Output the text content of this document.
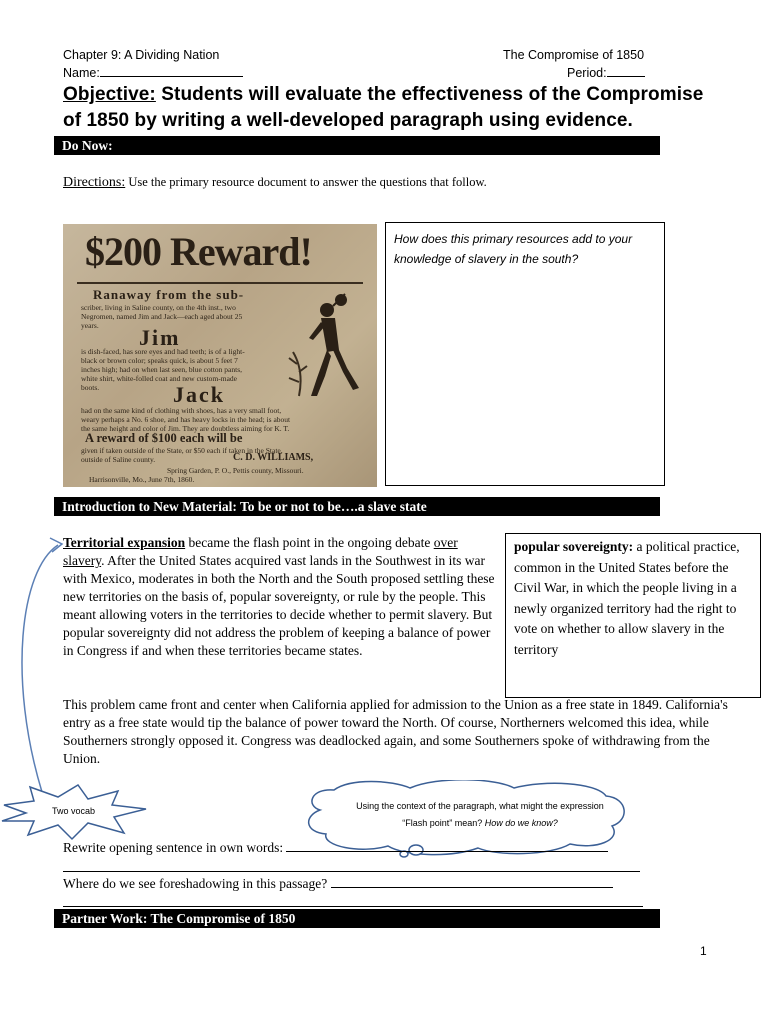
Chapter 9: A Dividing Nation	The Compromise of 1850
Name:	Period:
Objective: Students will evaluate the effectiveness of the Compromise of 1850 by writing a well-developed paragraph using evidence.
Do Now:
Directions: Use the primary resource document to answer the questions that follow.
$200 Reward!
Ranaway from the sub-
scriber, living in Saline county, on the 4th inst., two
Negromen, named Jim and Jack—each aged about 25
years. Jim
is dish-faced, has sore eyes and had teeth; is of a light-
black or brown color; speaks quick, is about 5 feet 7
inches high; had on when last seen, blue cotton pants,
white shirt, white-folled coat and new custom-made
boots.	Jack
had on the same kind of clothing with shoes, has a very small foot,
weary perhaps a No. 6 shoe, and has heavy locks in the head; is about
the same height and color of Jim. They are doubtless aiming for K. T.
A reward of $100 each will be
given if taken outside of the State, or $50 each if taken in the State,
outside of Saline county.	C. D. WILLIAMS,
Spring Garden, P. O., Pettis county, Missouri.
Harrisonville, Mo., June 7th, 1860.
How does this primary resources add to your knowledge of slavery in the south?
Introduction to New Material: To be or not to be….a slave state
Territorial expansion became the flash point in the ongoing debate over slavery. After the United States acquired vast lands in the Southwest in its war with Mexico, moderates in both the North and the South proposed settling these new territories on the basis of, popular sovereignty, or rule by the people. This meant allowing voters in the territories to decide whether to permit slavery. But popular sovereignty did not address the problem of keeping a balance of power in Congress if and when these territories became states.
popular sovereignty: a political practice, common in the United States before the Civil War, in which the people living in a newly organized territory had the right to vote on whether to allow slavery in the territory
This problem came front and center when California applied for admission to the Union as a free state in 1849. California's entry as a free state would tip the balance of power toward the North. Of course, Northerners welcomed this idea, while Southerners strongly opposed it. Congress was deadlocked again, and some Southerners spoke of withdrawing from the Union.
Two vocab	Using the context of the paragraph, what might the expression
“Flash point” mean? How do we know?
Rewrite opening sentence in own words:
Where do we see foreshadowing in this passage?
Partner Work: The Compromise of 1850
1
